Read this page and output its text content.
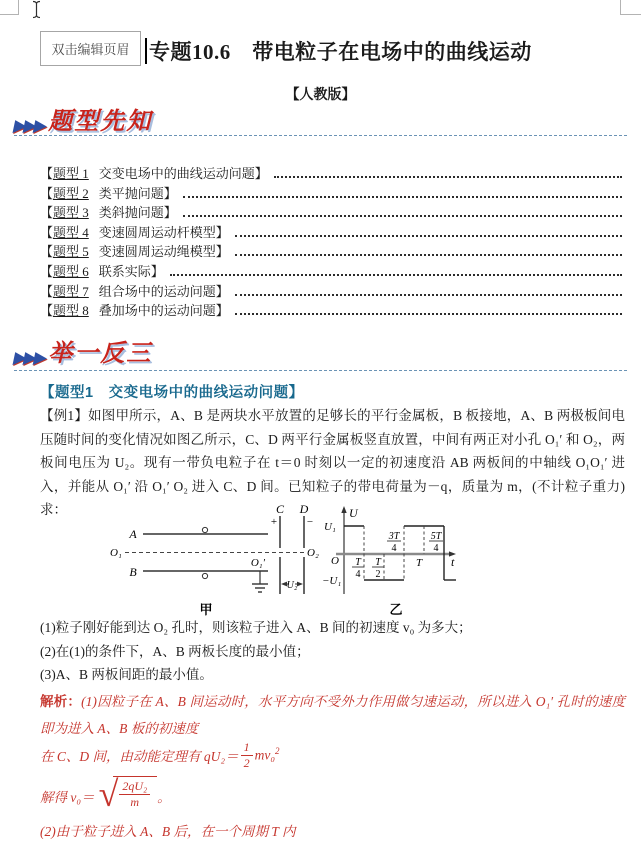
双击编辑页眉 专题10.6　带电粒子在电场中的曲线运动
【人教版】
▶▶▶ 题型先知
【 题型 1 交变电场中的曲线运动问题 】
【 题型 2 类平抛问题 】
【 题型 3 类斜抛问题 】
【 题型 4 变速圆周运动杆模型 】
【 题型 5 变速圆周运动绳模型 】
【 题型 6 联系实际 】
【 题型 7 组合场中的运动问题 】
【 题型 8 叠加场中的运动问题 】
▶▶▶ 举一反三
【题型1　交变电场中的曲线运动问题】
【例1】如图甲所示，A、B 是两块水平放置的足够长的平行金属板，B 板接地，A、B 两极板间电压随时间的变化情况如图乙所示，C、D 两平行金属板竖直放置，中间有两正对小孔 O₁′ 和 O₂，两板间电压为 U₂。现有一带负电粒子在 t＝0 时刻以一定的初速度沿 AB 两板间的中轴线 O₁O₁′ 进入，并能从 O₁′ 沿 O₁′ O₂ 进入 C、D 间。已知粒子的带电荷量为－q，质量为 m，(不计粒子重力)求：
A
O₁	O₂
B
O₁′
C
+
D
−
U₂
甲
U
t
O
U₁
−U₁
T
4
T
2
3T
4
T
5T
4
乙
(1)粒子刚好能到达 O₂ 孔时，则该粒子进入 A、B 间的初速度 v₀ 为多大；
(2)在(1)的条件下，A、B 两板长度的最小值；
(3)A、B 两板间距的最小值。
解析：(1)因粒子在 A、B 间运动时，水平方向不受外力作用做匀速运动，所以进入 O₁′ 孔时的速度即为进入 A、B 板的初速度
在 C、D 间，由动能定理有 $qU_2= \frac{1}{2} mv_0^2$
解得 v₀＝ √ $\frac{\text{2qU₂}}{m}$ 。
(2)由于粒子进入 A、B 后，在一个周期 T 内
